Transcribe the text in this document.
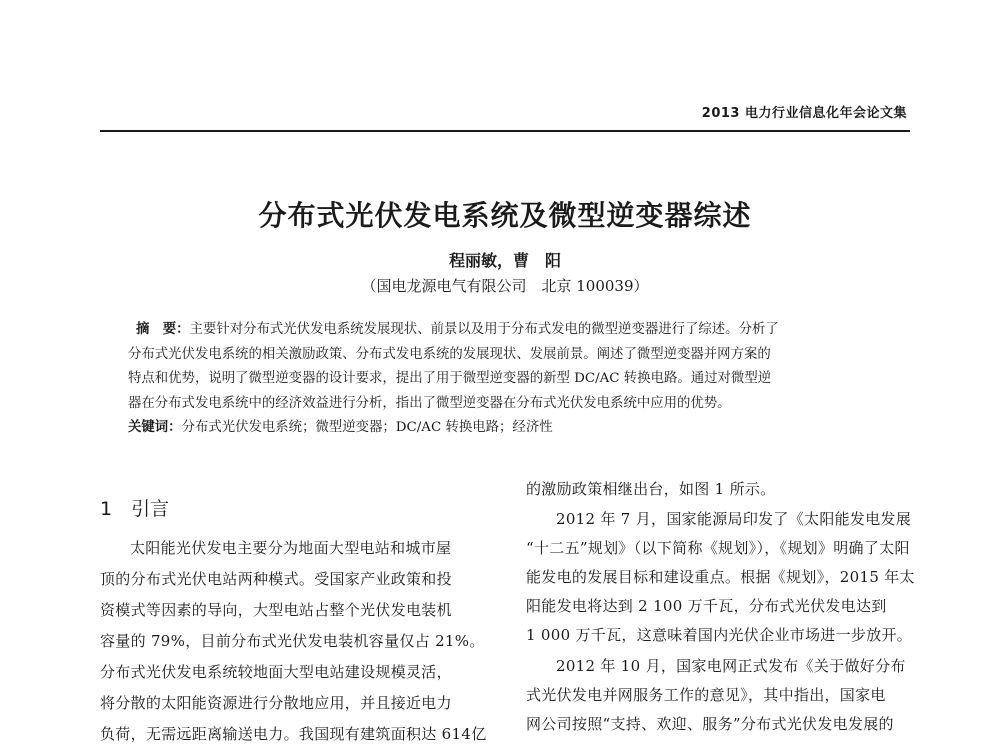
2013 电力行业信息化年会论文集
分布式光伏发电系统及微型逆变器综述
程丽敏，曹　阳
（国电龙源电气有限公司　北京 100039）
摘　要：主要针对分布式光伏发电系统发展现状、前景以及用于分布式发电的微型逆变器进行了综述。分析了
分布式光伏发电系统的相关激励政策、分布式发电系统的发展现状、发展前景。阐述了微型逆变器并网方案的
特点和优势，说明了微型逆变器的设计要求，提出了用于微型逆变器的新型 DC/AC 转换电路。通过对微型逆
器在分布式发电系统中的经济效益进行分析，指出了微型逆变器在分布式光伏发电系统中应用的优势。
关键词：分布式光伏发电系统；微型逆变器；DC/AC 转换电路；经济性
1　引言
太阳能光伏发电主要分为地面大型电站和城市屋
顶的分布式光伏电站两种模式。受国家产业政策和投
资模式等因素的导向，大型电站占整个光伏发电装机
容量的 79%，目前分布式光伏发电装机容量仅占 21%。
分布式光伏发电系统较地面大型电站建设规模灵活，
将分散的太阳能资源进行分散地应用，并且接近电力
负荷，无需远距离输送电力。我国现有建筑面积达 614亿
的激励政策相继出台，如图 1 所示。
2012 年 7 月，国家能源局印发了《太阳能发电发展
“十二五”规划》（以下简称《规划》），《规划》明确了太阳
能发电的发展目标和建设重点。根据《规划》，2015 年太
阳能发电将达到 2 100 万千瓦，分布式光伏发电达到
1 000 万千瓦，这意味着国内光伏企业市场进一步放开。
2012 年 10 月，国家电网正式发布《关于做好分布
式光伏发电并网服务工作的意见》，其中指出，国家电
网公司按照“支持、欢迎、服务”分布式光伏发电发展的
